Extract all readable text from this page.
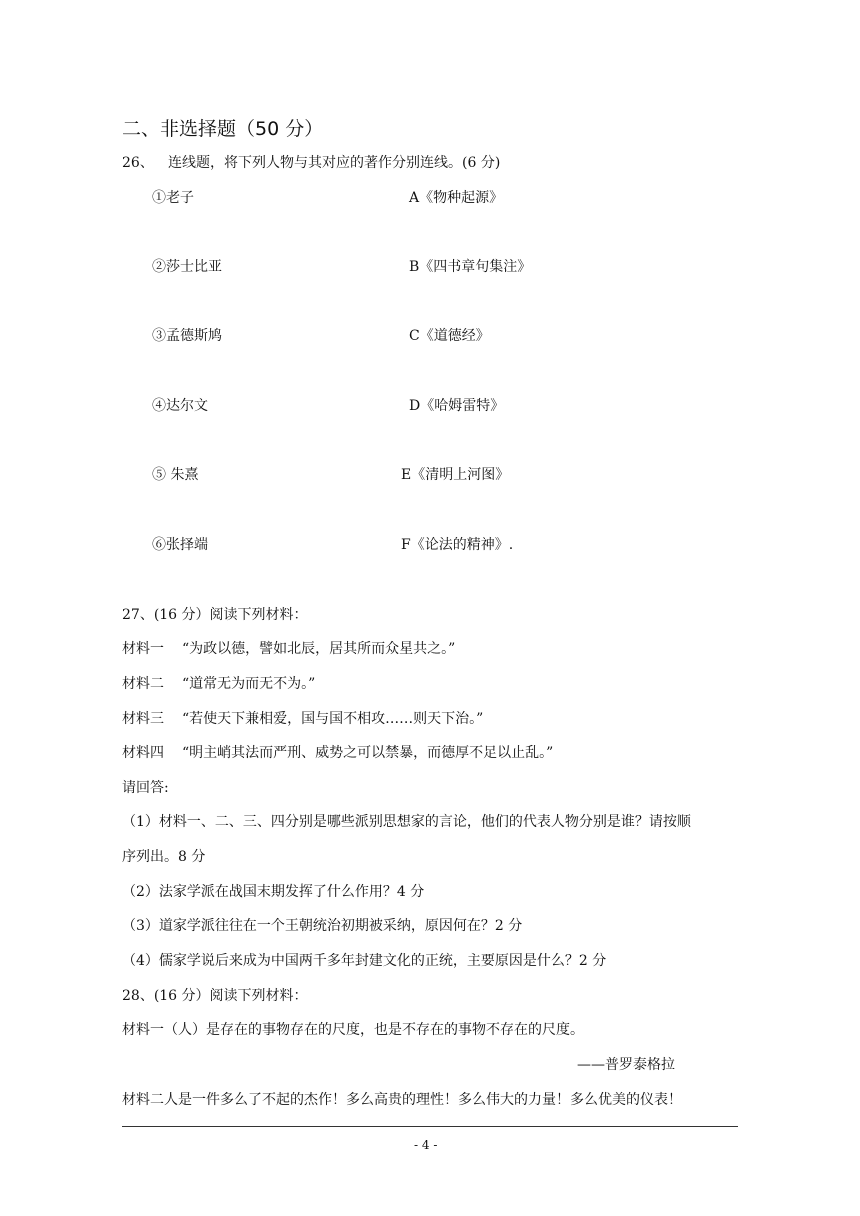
二、非选择题（50 分）
26、 连线题，将下列人物与其对应的著作分别连线。(6 分)
①老子
②莎士比亚
③孟德斯鸠
④达尔文
⑤ 朱熹
⑥张择端
A《物种起源》
B《四书章句集注》
C《道德经》
D《哈姆雷特》
E《清明上河图》
F《论法的精神》.
27、(16 分）阅读下列材料：
材料一 “为政以德，譬如北辰，居其所而众星共之。”
材料二 “道常无为而无不为。”
材料三 “若使天下兼相爱，国与国不相攻……则天下治。”
材料四 “明主峭其法而严刑、威势之可以禁暴，而德厚不足以止乱。”
请回答:
（1）材料一、二、三、四分别是哪些派别思想家的言论，他们的代表人物分别是谁？请按顺
序列出。8 分
（2）法家学派在战国末期发挥了什么作用？4 分
（3）道家学派往往在一个王朝统治初期被采纳，原因何在？2 分
（4）儒家学说后来成为中国两千多年封建文化的正统，主要原因是什么？2 分
28、(16 分）阅读下列材料：
材料一（人）是存在的事物存在的尺度，也是不存在的事物不存在的尺度。
——普罗泰格拉
材料二人是一件多么了不起的杰作！多么高贵的理性！多么伟大的力量！多么优美的仪表！
- 4 -
